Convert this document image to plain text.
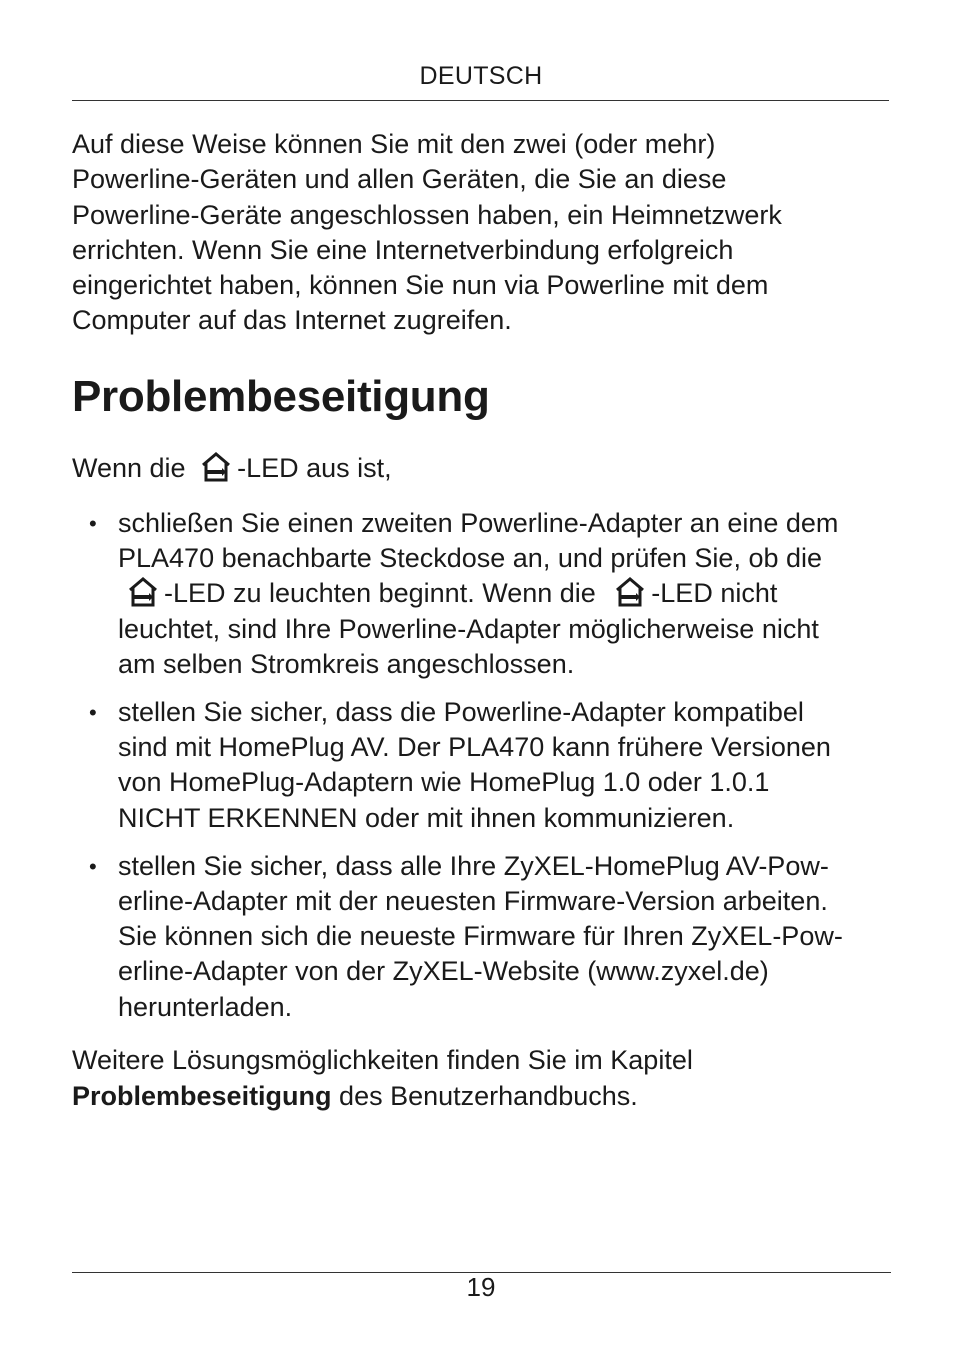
DEUTSCH

Auf diese Weise können Sie mit den zwei (oder mehr)
Powerline-Geräten und allen Geräten, die Sie an diese
Powerline-Geräte angeschlossen haben, ein Heimnetzwerk
errichten. Wenn Sie eine Internetverbindung erfolgreich
eingerichtet haben, können Sie nun via Powerline mit dem
Computer auf das Internet zugreifen.

Problembeseitigung

Wenn die -LED aus ist,

• schließen Sie einen zweiten Powerline-Adapter an eine dem
PLA470 benachbarte Steckdose an, und prüfen Sie, ob die

-LED zu leuchten beginnt. Wenn die -LED nicht
leuchtet, sind Ihre Powerline-Adapter möglicherweise nicht
am selben Stromkreis angeschlossen.
• stellen Sie sicher, dass die Powerline-Adapter kompatibel
sind mit HomePlug AV. Der PLA470 kann frühere Versionen
von HomePlug-Adaptern wie HomePlug 1.0 oder 1.0.1
NICHT ERKENNEN oder mit ihnen kommunizieren.
• stellen Sie sicher, dass alle Ihre ZyXEL-HomePlug AV-Pow-
erline-Adapter mit der neuesten Firmware-Version arbeiten.
Sie können sich die neueste Firmware für Ihren ZyXEL-Pow-
erline-Adapter von der ZyXEL-Website (www.zyxel.de)
herunterladen.

Weitere Lösungsmöglichkeiten finden Sie im Kapitel
Problembeseitigung des Benutzerhandbuchs.

19
